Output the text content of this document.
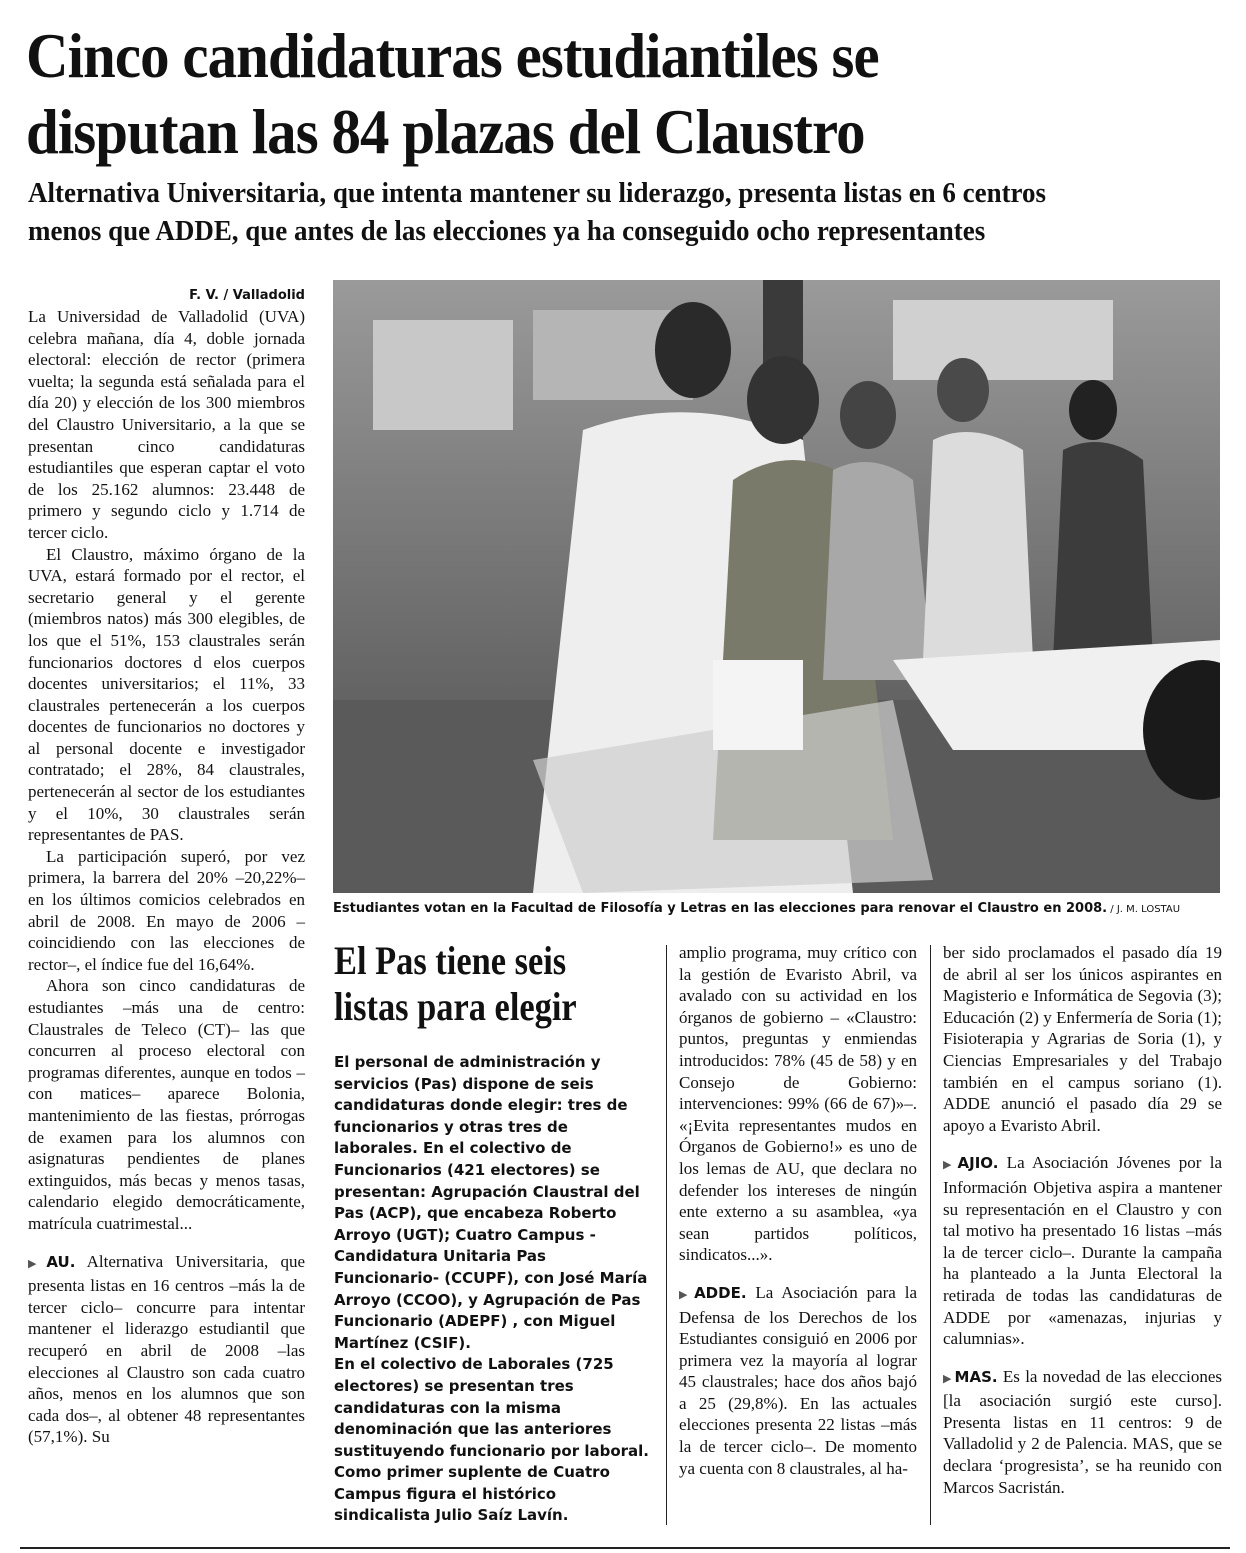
Cinco candidaturas estudiantiles se
disputan las 84 plazas del Claustro
Alternativa Universitaria, que intenta mantener su liderazgo, presenta listas en 6 centros
menos que ADDE, que antes de las elecciones ya ha conseguido ocho representantes
F. V. / Valladolid

La Universidad de Valladolid (UVA) celebra mañana, día 4, doble jornada electoral: elección de rector (primera vuelta; la segunda está señalada para el día 20) y elección de los 300 miembros del Claustro Universitario, a la que se presentan cinco candidaturas estudiantiles que esperan captar el voto de los 25.162 alumnos: 23.448 de primero y segundo ciclo y 1.714 de tercer ciclo.

El Claustro, máximo órgano de la UVA, estará formado por el rector, el secretario general y el gerente (miembros natos) más 300 elegibles, de los que el 51%, 153 claustrales serán funcionarios doctores d elos cuerpos docentes universitarios; el 11%, 33 claustrales pertenecerán a los cuerpos docentes de funcionarios no doctores y al personal docente e investigador contratado; el 28%, 84 claustrales, pertenecerán al sector de los estudiantes y el 10%, 30 claustrales serán representantes de PAS.

La participación superó, por vez primera, la barrera del 20% –20,22%– en los últimos comicios celebrados en abril de 2008. En mayo de 2006 –coincidiendo con las elecciones de rector–, el índice fue del 16,64%.

Ahora son cinco candidaturas de estudiantes –más una de centro: Claustrales de Teleco (CT)– las que concurren al proceso electoral con programas diferentes, aunque en todos –con matices– aparece Bolonia, mantenimiento de las fiestas, prórrogas de examen para los alumnos con asignaturas pendientes de planes extinguidos, más becas y menos tasas, calendario elegido democráticamente, matrícula cuatrimestal...

▶ AU. Alternativa Universitaria, que presenta listas en 16 centros –más la de tercer ciclo– concurre para intentar mantener el liderazgo estudiantil que recuperó en abril de 2008 –las elecciones al Claustro son cada cuatro años, menos en los alumnos que son cada dos–, al obtener 48 representantes (57,1%). Su

Estudiantes votan en la Facultad de Filosofía y Letras en las elecciones para renovar el Claustro en 2008. / J. M. LOSTAU
El Pas tiene seis
listas para elegir

El personal de administración y servicios (Pas) dispone de seis candidaturas donde elegir: tres de funcionarios y otras tres de laborales. En el colectivo de Funcionarios (421 electores) se presentan: Agrupación Claustral del Pas (ACP), que encabeza Roberto Arroyo (UGT); Cuatro Campus -Candidatura Unitaria Pas Funcionario- (CCUPF), con José María Arroyo (CCOO), y Agrupación de Pas Funcionario (ADEPF) , con Miguel Martínez (CSIF).

En el colectivo de Laborales (725 electores) se presentan tres candidaturas con la misma denominación que las anteriores sustituyendo funcionario por laboral. Como primer suplente de Cuatro Campus figura el histórico sindicalista Julio Saíz Lavín.

amplio programa, muy crítico con la gestión de Evaristo Abril, va avalado con su actividad en los órganos de gobierno – «Claustro: puntos, preguntas y enmiendas introducidos: 78% (45 de 58) y en Consejo de Gobierno: intervenciones: 99% (66 de 67)»–. «¡Evita representantes mudos en Órganos de Gobierno!» es uno de los lemas de AU, que declara no defender los intereses de ningún ente externo a su asamblea, «ya sean partidos políticos, sindicatos...».

▶ ADDE. La Asociación para la Defensa de los Derechos de los Estudiantes consiguió en 2006 por primera vez la mayoría al lograr 45 claustrales; hace dos años bajó a 25 (29,8%). En las actuales elecciones presenta 22 listas –más la de tercer ciclo–. De momento ya cuenta con 8 claustrales, al ha-

ber sido proclamados el pasado día 19 de abril al ser los únicos aspirantes en Magisterio e Informática de Segovia (3); Educación (2) y Enfermería de Soria (1); Fisioterapia y Agrarias de Soria (1), y Ciencias Empresariales y del Trabajo también en el campus soriano (1). ADDE anunció el pasado día 29 se apoyo a Evaristo Abril.

▶ AJIO. La Asociación Jóvenes por la Información Objetiva aspira a mantener su representación en el Claustro y con tal motivo ha presentado 16 listas –más la de tercer ciclo–. Durante la campaña ha planteado a la Junta Electoral la retirada de todas las candidaturas de ADDE por «amenazas, injurias y calumnias».

▶ MAS. Es la novedad de las elecciones [la asociación surgió este curso]. Presenta listas en 11 centros: 9 de Valladolid y 2 de Palencia. MAS, que se declara ‘progresista’, se ha reunido con Marcos Sacristán.
